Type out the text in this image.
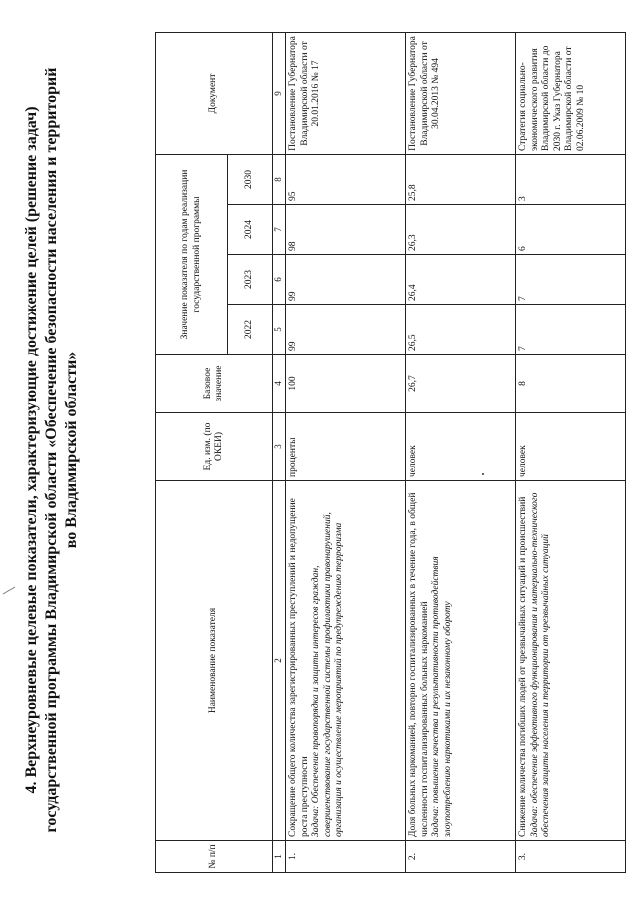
4. Верхнеуровневые целевые показатели, характеризующие достижение целей (решение задач) государственной программы Владимирской области «Обеспечение безопасности населения и территорий во Владимирской области»
№ п/п	Наименование показателя	Ед. изм. (по ОКЕИ)	Базовое значение	Значение показателя по годам реализации государственной программы				Документ
				2022	2023	2024	2030	
1	2	3	4	5	6	7	8	9
1.	Сокращение общего количества зарегистрированных преступлений и недопущение роста преступности Задача: Обеспечение правопорядка и защиты интересов граждан, совершенствование государственной системы профилактики правонарушений, организация и осуществление мероприятий по предупреждению терроризма	проценты	100	99	99	98	95	Постановление Губернатора Владимирской области от 20.01.2016 № 17
2.	Доля больных наркоманией, повторно госпитализированных в течение года, в общей численности госпитализированных больных наркоманией Задача: повышение качества и результативности противодействия злоупотреблению наркотиками и их незаконному обороту	человек	26,7	26,5	26,4	26,3	25,8	Постановление Губернатора Владимирской области от 30.04.2013 № 494
3.	Снижение количества погибших людей от чрезвычайных ситуаций и происшествий Задача: обеспечение эффективного функционирования и материально-технического обеспечения защиты населения и территории от чрезвычайных ситуаций	человек	8	7	7	6	3	Стратегия социально-экономического развития Владимирской области до 2030 г. Указ Губернатора Владимирской области от 02.06.2009 № 10
